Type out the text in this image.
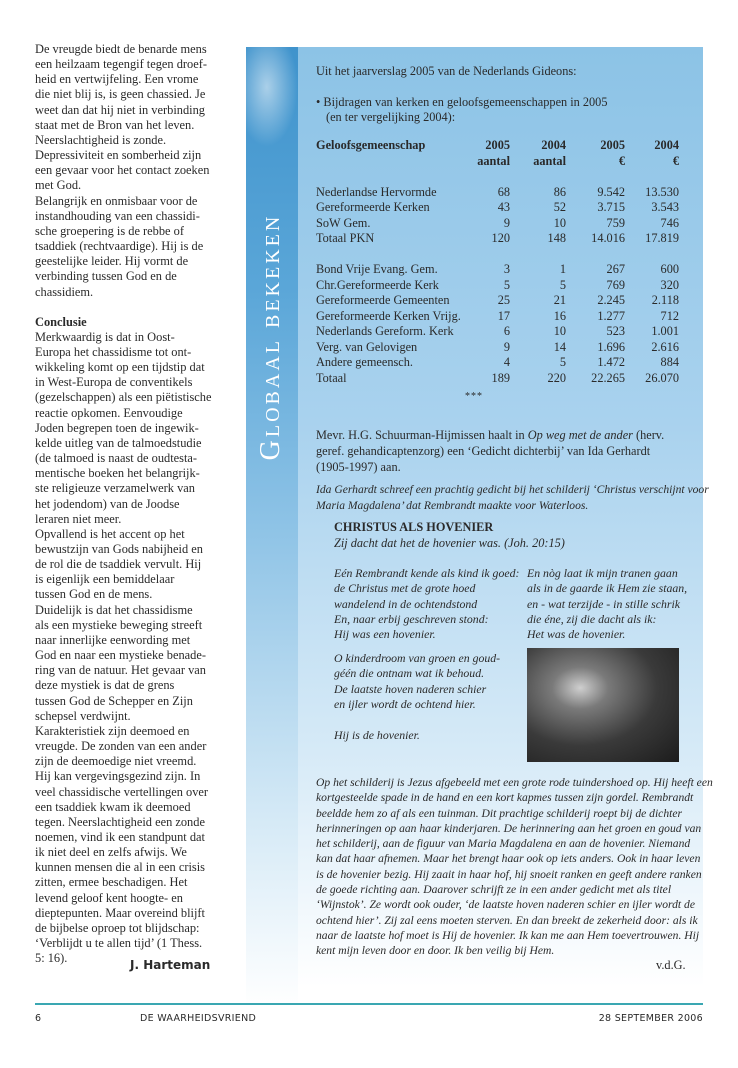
De vreugde biedt de benarde mens
een heilzaam tegengif tegen droef-
heid en vertwijfeling. Een vrome
die niet blij is, is geen chassied. Je
weet dan dat hij niet in verbinding
staat met de Bron van het leven.
Neerslachtigheid is zonde.
Depressiviteit en somberheid zijn
een gevaar voor het contact zoeken
met God.
Belangrijk en onmisbaar voor de
instandhouding van een chassidi-
sche groepering is de rebbe of
tsaddiek (rechtvaardige). Hij is de
geestelijke leider. Hij vormt de
verbinding tussen God en de
chassidiem.
Conclusie
Merkwaardig is dat in Oost-
Europa het chassidisme tot ont-
wikkeling komt op een tijdstip dat
in West-Europa de conventikels
(gezelschappen) als een piëtistische
reactie opkomen. Eenvoudige
Joden begrepen toen de ingewik-
kelde uitleg van de talmoedstudie
(de talmoed is naast de oudtesta-
mentische boeken het belangrijk-
ste religieuze verzamelwerk van
het jodendom) van de Joodse
leraren niet meer.
Opvallend is het accent op het
bewustzijn van Gods nabijheid en
de rol die de tsaddiek vervult. Hij
is eigenlijk een bemiddelaar
tussen God en de mens.
Duidelijk is dat het chassidisme
als een mystieke beweging streeft
naar innerlijke eenwording met
God en naar een mystieke benade-
ring van de natuur. Het gevaar van
deze mystiek is dat de grens
tussen God de Schepper en Zijn
schepsel verdwijnt.
Karakteristiek zijn deemoed en
vreugde. De zonden van een ander
zijn de deemoedige niet vreemd.
Hij kan vergevingsgezind zijn. In
veel chassidische vertellingen over
een tsaddiek kwam ik deemoed
tegen. Neerslachtigheid een zonde
noemen, vind ik een standpunt dat
ik niet deel en zelfs afwijs. We
kunnen mensen die al in een crisis
zitten, ermee beschadigen. Het
levend geloof kent hoogte- en
dieptepunten. Maar overeind blijft
de bijbelse oproep tot blijdschap:
‘Verblijdt u te allen tijd’ (1 Thess.
5: 16).	J. Harteman
Globaal bekeken
Uit het jaarverslag 2005 van de Nederlands Gideons:
• Bijdragen van kerken en geloofsgemeenschappen in 2005
(en ter vergelijking 2004):
Geloofsgemeenschap	2005	2004	2005	2004
	aantal	aantal	€	€

Nederlandse Hervormde	68	86	9.542	13.530
Gereformeerde Kerken	43	52	3.715	3.543
SoW Gem.	9	10	759	746
Totaal PKN	120	148	14.016	17.819

Bond Vrije Evang. Gem.	3	1	267	600
Chr.Gereformeerde Kerk	5	5	769	320
Gereformeerde Gemeenten	25	21	2.245	2.118
Gereformeerde Kerken Vrijg.	17	16	1.277	712
Nederlands Gereform. Kerk	6	10	523	1.001
Verg. van Gelovigen	9	14	1.696	2.616
Andere gemeensch.	4	5	1.472	884
Totaal	189	220	22.265	26.070
***
Mevr. H.G. Schuurman-Hijmissen haalt in Op weg met de ander (herv.
geref. gehandicaptenzorg) een ‘Gedicht dichterbij’ van Ida Gerhardt
(1905-1997) aan.
Ida Gerhardt schreef een prachtig gedicht bij het schilderij ‘Christus verschijnt voor
Maria Magdalena’ dat Rembrandt maakte voor Waterloos.
CHRISTUS ALS HOVENIER
Zij dacht dat het de hovenier was. (Joh. 20:15)
Eén Rembrandt kende als kind ik goed:
de Christus met de grote hoed
wandelend in de ochtendstond
En, naar erbij geschreven stond:
Hij was een hovenier.
O kinderdroom van groen en goud-
géén die ontnam wat ik behoud.
De laatste hoven naderen schier
en ijler wordt de ochtend hier.
Hij is de hovenier.
En nòg laat ik mijn tranen gaan
als in de gaarde ik Hem zie staan,
en - wat terzijde - in stille schrik
die éne, zij die dacht als ik:
Het was de hovenier.
Op het schilderij is Jezus afgebeeld met een grote rode tuindershoed op. Hij heeft een
kortgesteelde spade in de hand en een kort kapmes tussen zijn gordel. Rembrandt
beeldde hem zo af als een tuinman. Dit prachtige schilderij roept bij de dichter
herinneringen op aan haar kinderjaren. De herinnering aan het groen en goud van
het schilderij, aan de figuur van Maria Magdalena en aan de hovenier. Niemand
kan dat haar afnemen. Maar het brengt haar ook op iets anders. Ook in haar leven
is de hovenier bezig. Hij zaait in haar hof, hij snoeit ranken en geeft andere ranken
de goede richting aan. Daarover schrijft ze in een ander gedicht met als titel
‘Wijnstok’. Ze wordt ook ouder, ‘de laatste hoven naderen schier en ijler wordt de
ochtend hier’. Zij zal eens moeten sterven. En dan breekt de zekerheid door: als ik
naar de laatste hof moet is Hij de hovenier. Ik kan me aan Hem toevertrouwen. Hij
kent mijn leven door en door. Ik ben veilig bij Hem.
v.d.G.
6	DE WAARHEIDSVRIEND	28 SEPTEMBER 2006
